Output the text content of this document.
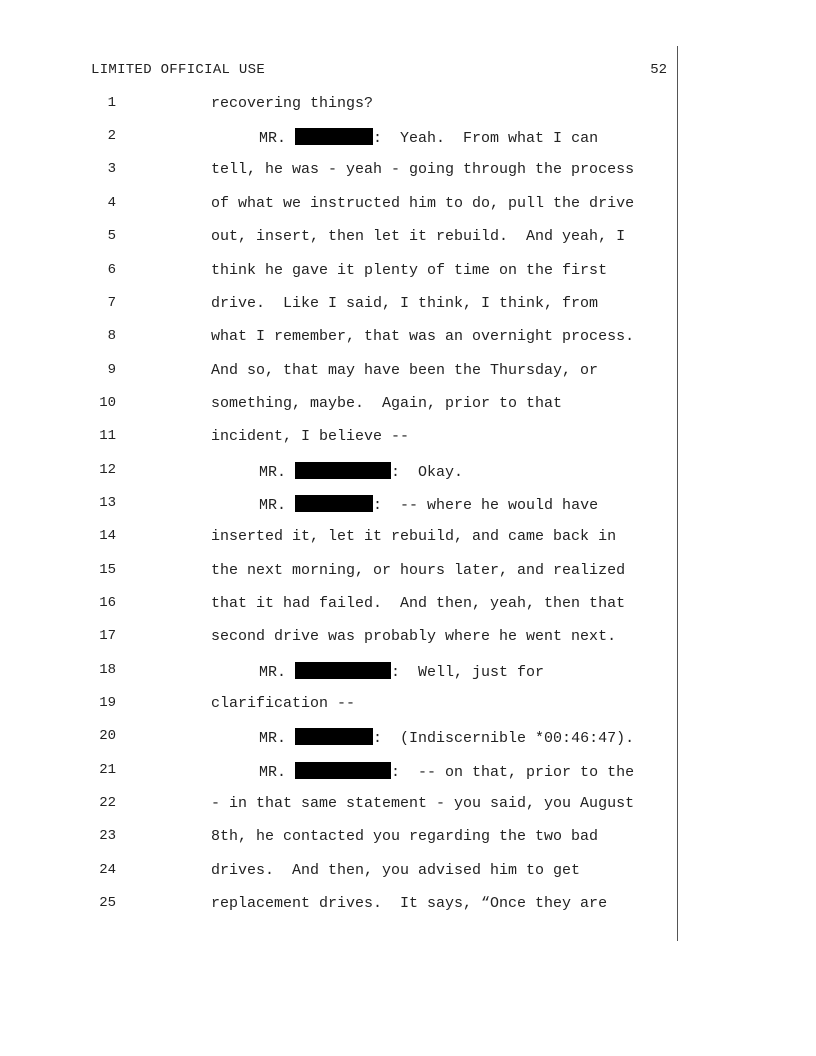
LIMITED OFFICIAL USE	52
1	recovering things?
2	MR.	:  Yeah.  From what I can
3	tell, he was - yeah - going through the process
4	of what we instructed him to do, pull the drive
5	out, insert, then let it rebuild.  And yeah, I
6	think he gave it plenty of time on the first
7	drive.  Like I said, I think, I think, from
8	what I remember, that was an overnight process.
9	And so, that may have been the Thursday, or
10	something, maybe.  Again, prior to that
11	incident, I believe --
12	MR.	:  Okay.
13	MR.	:  -- where he would have
14	inserted it, let it rebuild, and came back in
15	the next morning, or hours later, and realized
16	that it had failed.  And then, yeah, then that
17	second drive was probably where he went next.
18	MR.	:  Well, just for
19	clarification --
20	MR.	:  (Indiscernible *00:46:47).
21	MR.	:  -- on that, prior to the
22	- in that same statement - you said, you August
23	8th, he contacted you regarding the two bad
24	drives.  And then, you advised him to get
25	replacement drives.  It says, “Once they are
